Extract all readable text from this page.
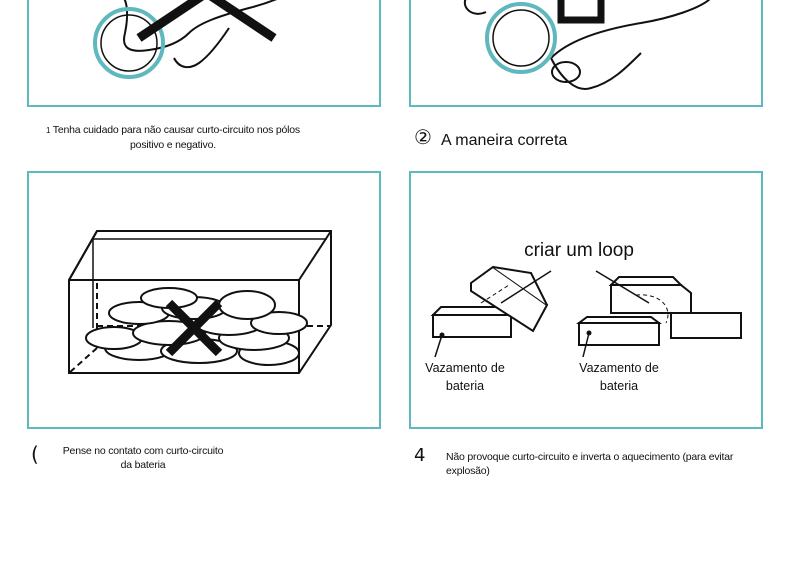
1 Tenha cuidado para não causar curto-circuito nos pólos positivo e negativo.	② A maneira correta
criar um loop
Vazamento de bateria
Vazamento de bateria
(	Pense no contato com curto-circuito da bateria	4 Não provoque curto-circuito e inverta o aquecimento (para evitar explosão)
